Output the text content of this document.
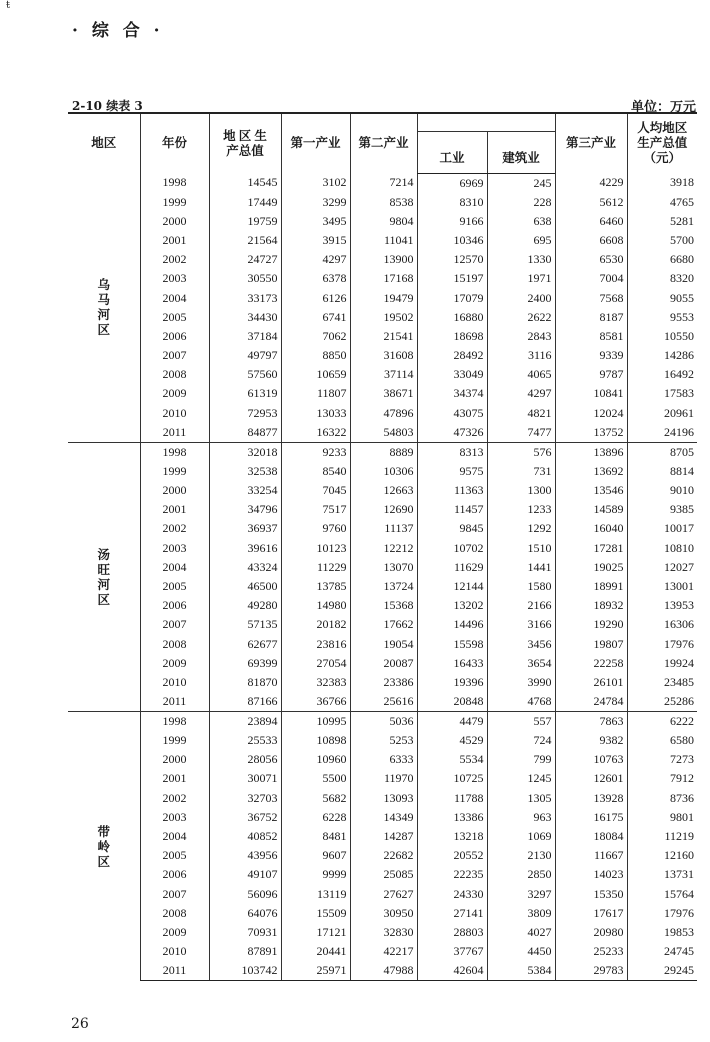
ŧ
· 综 合 ·
2-10 续表 3	单位：万元
地区	年份	地 区 生产总值	第一产业	第二产业			第三产业	人均地区 生产总值 （元）
					工业	建筑业		
乌马河区	1998	14545	3102	7214	6969	245	4229	3918
	1999	17449	3299	8538	8310	228	5612	4765
	2000	19759	3495	9804	9166	638	6460	5281
	2001	21564	3915	11041	10346	695	6608	5700
	2002	24727	4297	13900	12570	1330	6530	6680
	2003	30550	6378	17168	15197	1971	7004	8320
	2004	33173	6126	19479	17079	2400	7568	9055
	2005	34430	6741	19502	16880	2622	8187	9553
	2006	37184	7062	21541	18698	2843	8581	10550
	2007	49797	8850	31608	28492	3116	9339	14286
	2008	57560	10659	37114	33049	4065	9787	16492
	2009	61319	11807	38671	34374	4297	10841	17583
	2010	72953	13033	47896	43075	4821	12024	20961
	2011	84877	16322	54803	47326	7477	13752	24196
汤旺河区	1998	32018	9233	8889	8313	576	13896	8705
	1999	32538	8540	10306	9575	731	13692	8814
	2000	33254	7045	12663	11363	1300	13546	9010
	2001	34796	7517	12690	11457	1233	14589	9385
	2002	36937	9760	11137	9845	1292	16040	10017
	2003	39616	10123	12212	10702	1510	17281	10810
	2004	43324	11229	13070	11629	1441	19025	12027
	2005	46500	13785	13724	12144	1580	18991	13001
	2006	49280	14980	15368	13202	2166	18932	13953
	2007	57135	20182	17662	14496	3166	19290	16306
	2008	62677	23816	19054	15598	3456	19807	17976
	2009	69399	27054	20087	16433	3654	22258	19924
	2010	81870	32383	23386	19396	3990	26101	23485
	2011	87166	36766	25616	20848	4768	24784	25286
带岭区	1998	23894	10995	5036	4479	557	7863	6222
	1999	25533	10898	5253	4529	724	9382	6580
	2000	28056	10960	6333	5534	799	10763	7273
	2001	30071	5500	11970	10725	1245	12601	7912
	2002	32703	5682	13093	11788	1305	13928	8736
	2003	36752	6228	14349	13386	963	16175	9801
	2004	40852	8481	14287	13218	1069	18084	11219
	2005	43956	9607	22682	20552	2130	11667	12160
	2006	49107	9999	25085	22235	2850	14023	13731
	2007	56096	13119	27627	24330	3297	15350	15764
	2008	64076	15509	30950	27141	3809	17617	17976
	2009	70931	17121	32830	28803	4027	20980	19853
	2010	87891	20441	42217	37767	4450	25233	24745
	2011	103742	25971	47988	42604	5384	29783	29245
26
